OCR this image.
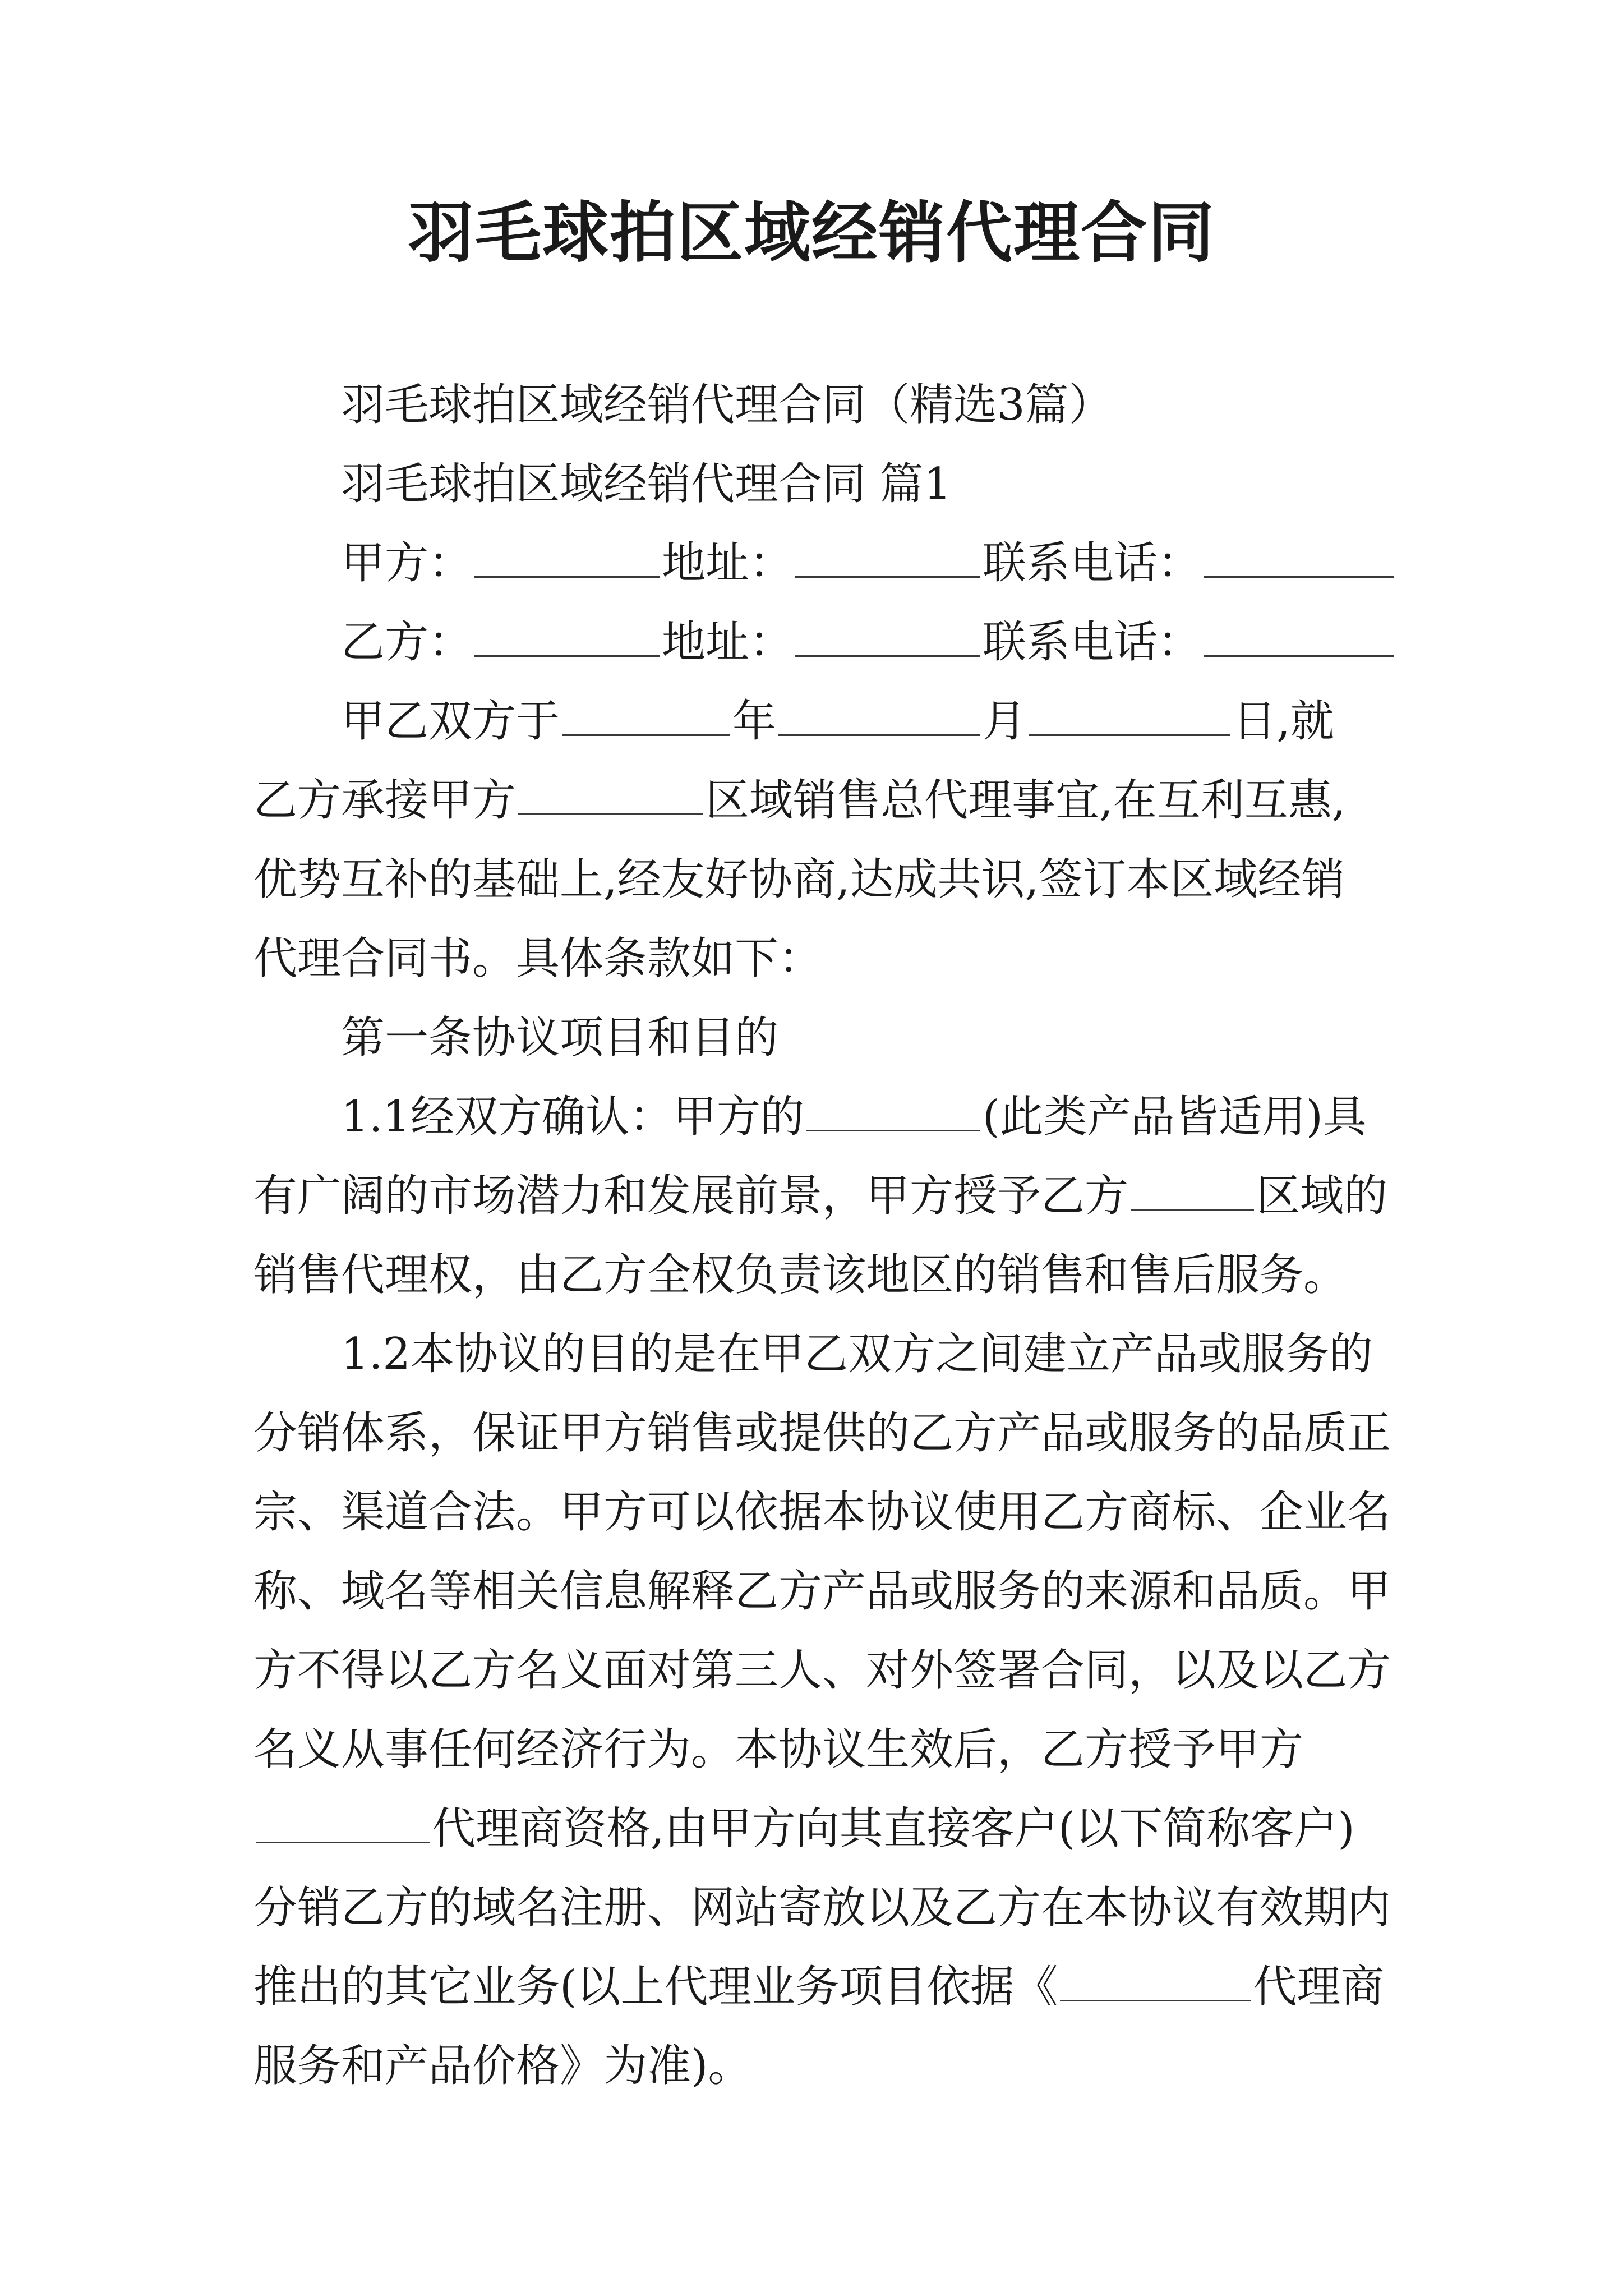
羽毛球拍区域经销代理合同
羽毛球拍区域经销代理合同（精选3篇）
羽毛球拍区域经销代理合同 篇1
甲方：	地址：	联系电话：
乙方：	地址：	联系电话：
甲乙双方于	年	月	日,就
乙方承接甲方	区域销售总代理事宜,在互利互惠,
优势互补的基础上,经友好协商,达成共识,签订本区域经销
代理合同书。具体条款如下：
第一条协议项目和目的
1.1经双方确认：甲方的	(此类产品皆适用)具
有广阔的市场潜力和发展前景，甲方授予乙方	区域的
销售代理权，由乙方全权负责该地区的销售和售后服务。
1.2本协议的目的是在甲乙双方之间建立产品或服务的
分销体系，保证甲方销售或提供的乙方产品或服务的品质正
宗、渠道合法。甲方可以依据本协议使用乙方商标、企业名
称、域名等相关信息解释乙方产品或服务的来源和品质。甲
方不得以乙方名义面对第三人、对外签署合同，以及以乙方
名义从事任何经济行为。本协议生效后，乙方授予甲方
代理商资格,由甲方向其直接客户(以下简称客户)
分销乙方的域名注册、网站寄放以及乙方在本协议有效期内
推出的其它业务(以上代理业务项目依据《	代理商
服务和产品价格》为准)。
